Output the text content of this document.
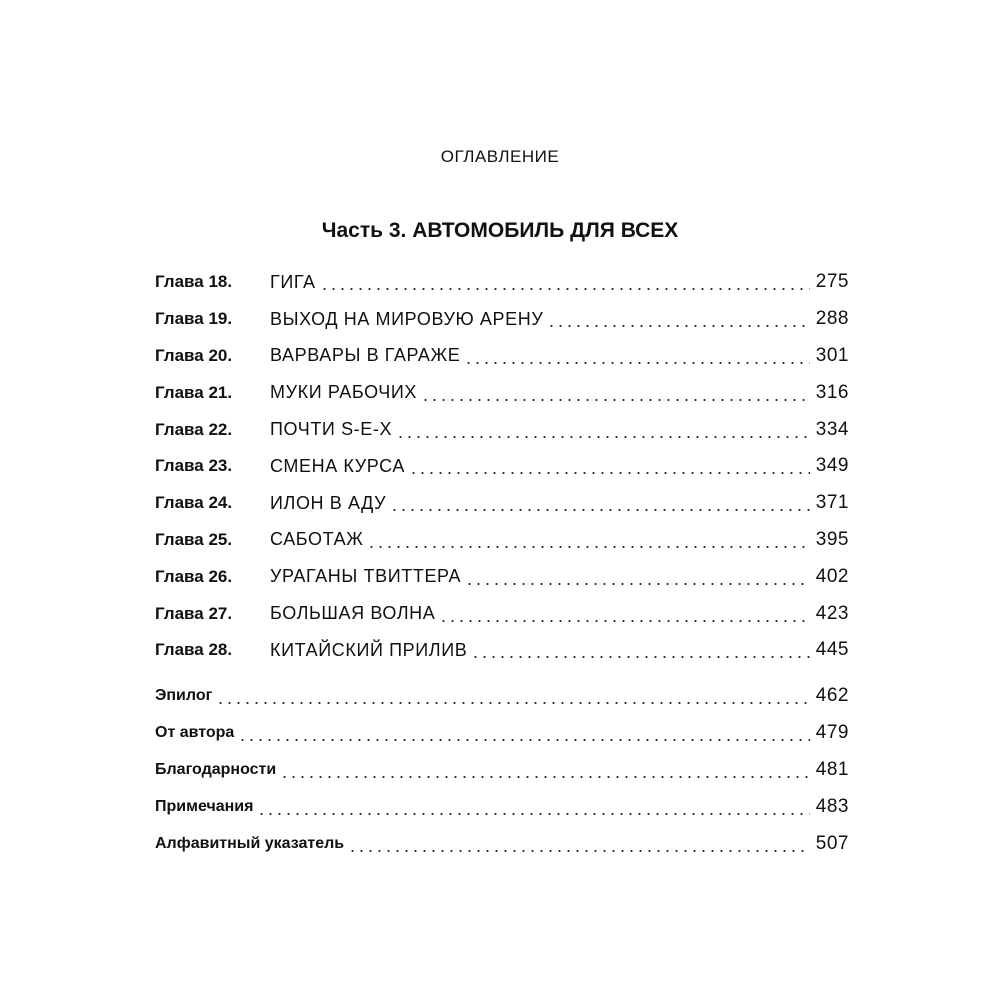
ОГЛАВЛЕНИЕ
Часть 3. АВТОМОБИЛЬ ДЛЯ ВСЕХ
Глава 18.	ГИГА	275
Глава 19.	ВЫХОД НА МИРОВУЮ АРЕНУ	288
Глава 20.	ВАРВАРЫ В ГАРАЖЕ	301
Глава 21.	МУКИ РАБОЧИХ	316
Глава 22.	ПОЧТИ S-E-X	334
Глава 23.	СМЕНА КУРСА	349
Глава 24.	ИЛОН В АДУ	371
Глава 25.	САБОТАЖ	395
Глава 26.	УРАГАНЫ ТВИТТЕРА	402
Глава 27.	БОЛЬШАЯ ВОЛНА	423
Глава 28.	КИТАЙСКИЙ ПРИЛИВ	445
Эпилог	462
От автора	479
Благодарности	481
Примечания	483
Алфавитный указатель	507
